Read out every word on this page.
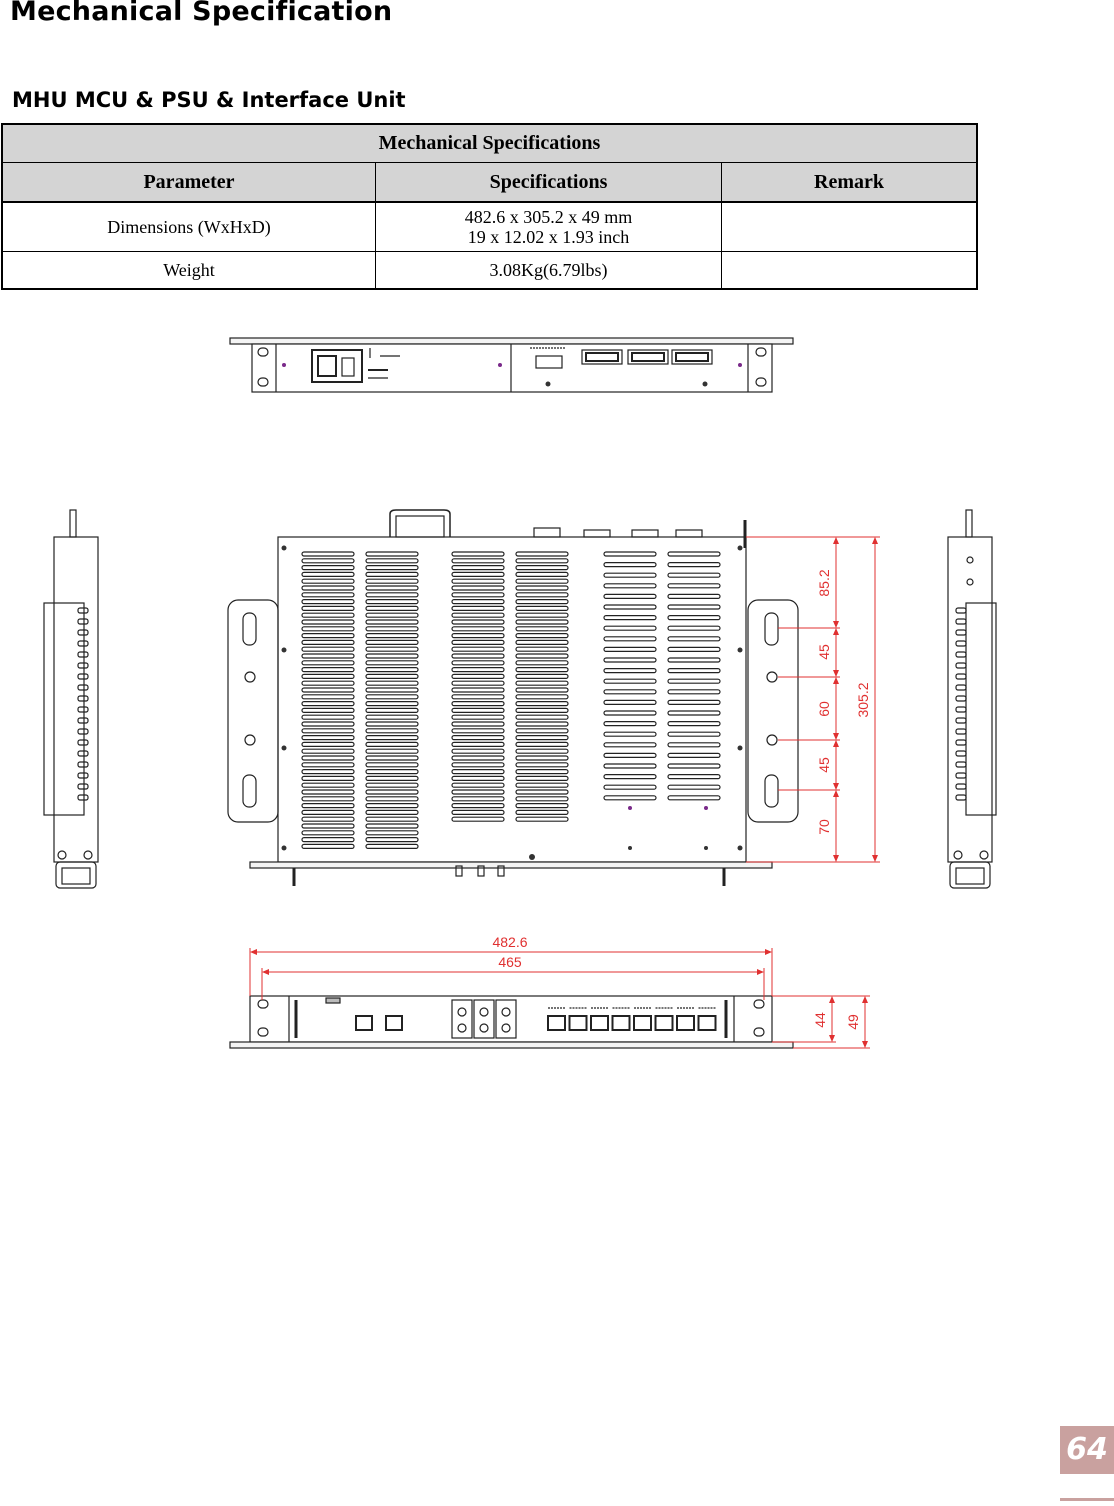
Mechanical Specification
MHU MCU & PSU & Interface Unit
Mechanical Specifications		
Parameter	Specifications	Remark
Dimensions (WxHxD)	482.6 x 305.2 x 49 mm
19 x 12.02 x 1.93 inch	

Weight	3.08Kg(6.79lbs)	
85.2
45
60
45
70
305.2
482.6
465
44 49
64
